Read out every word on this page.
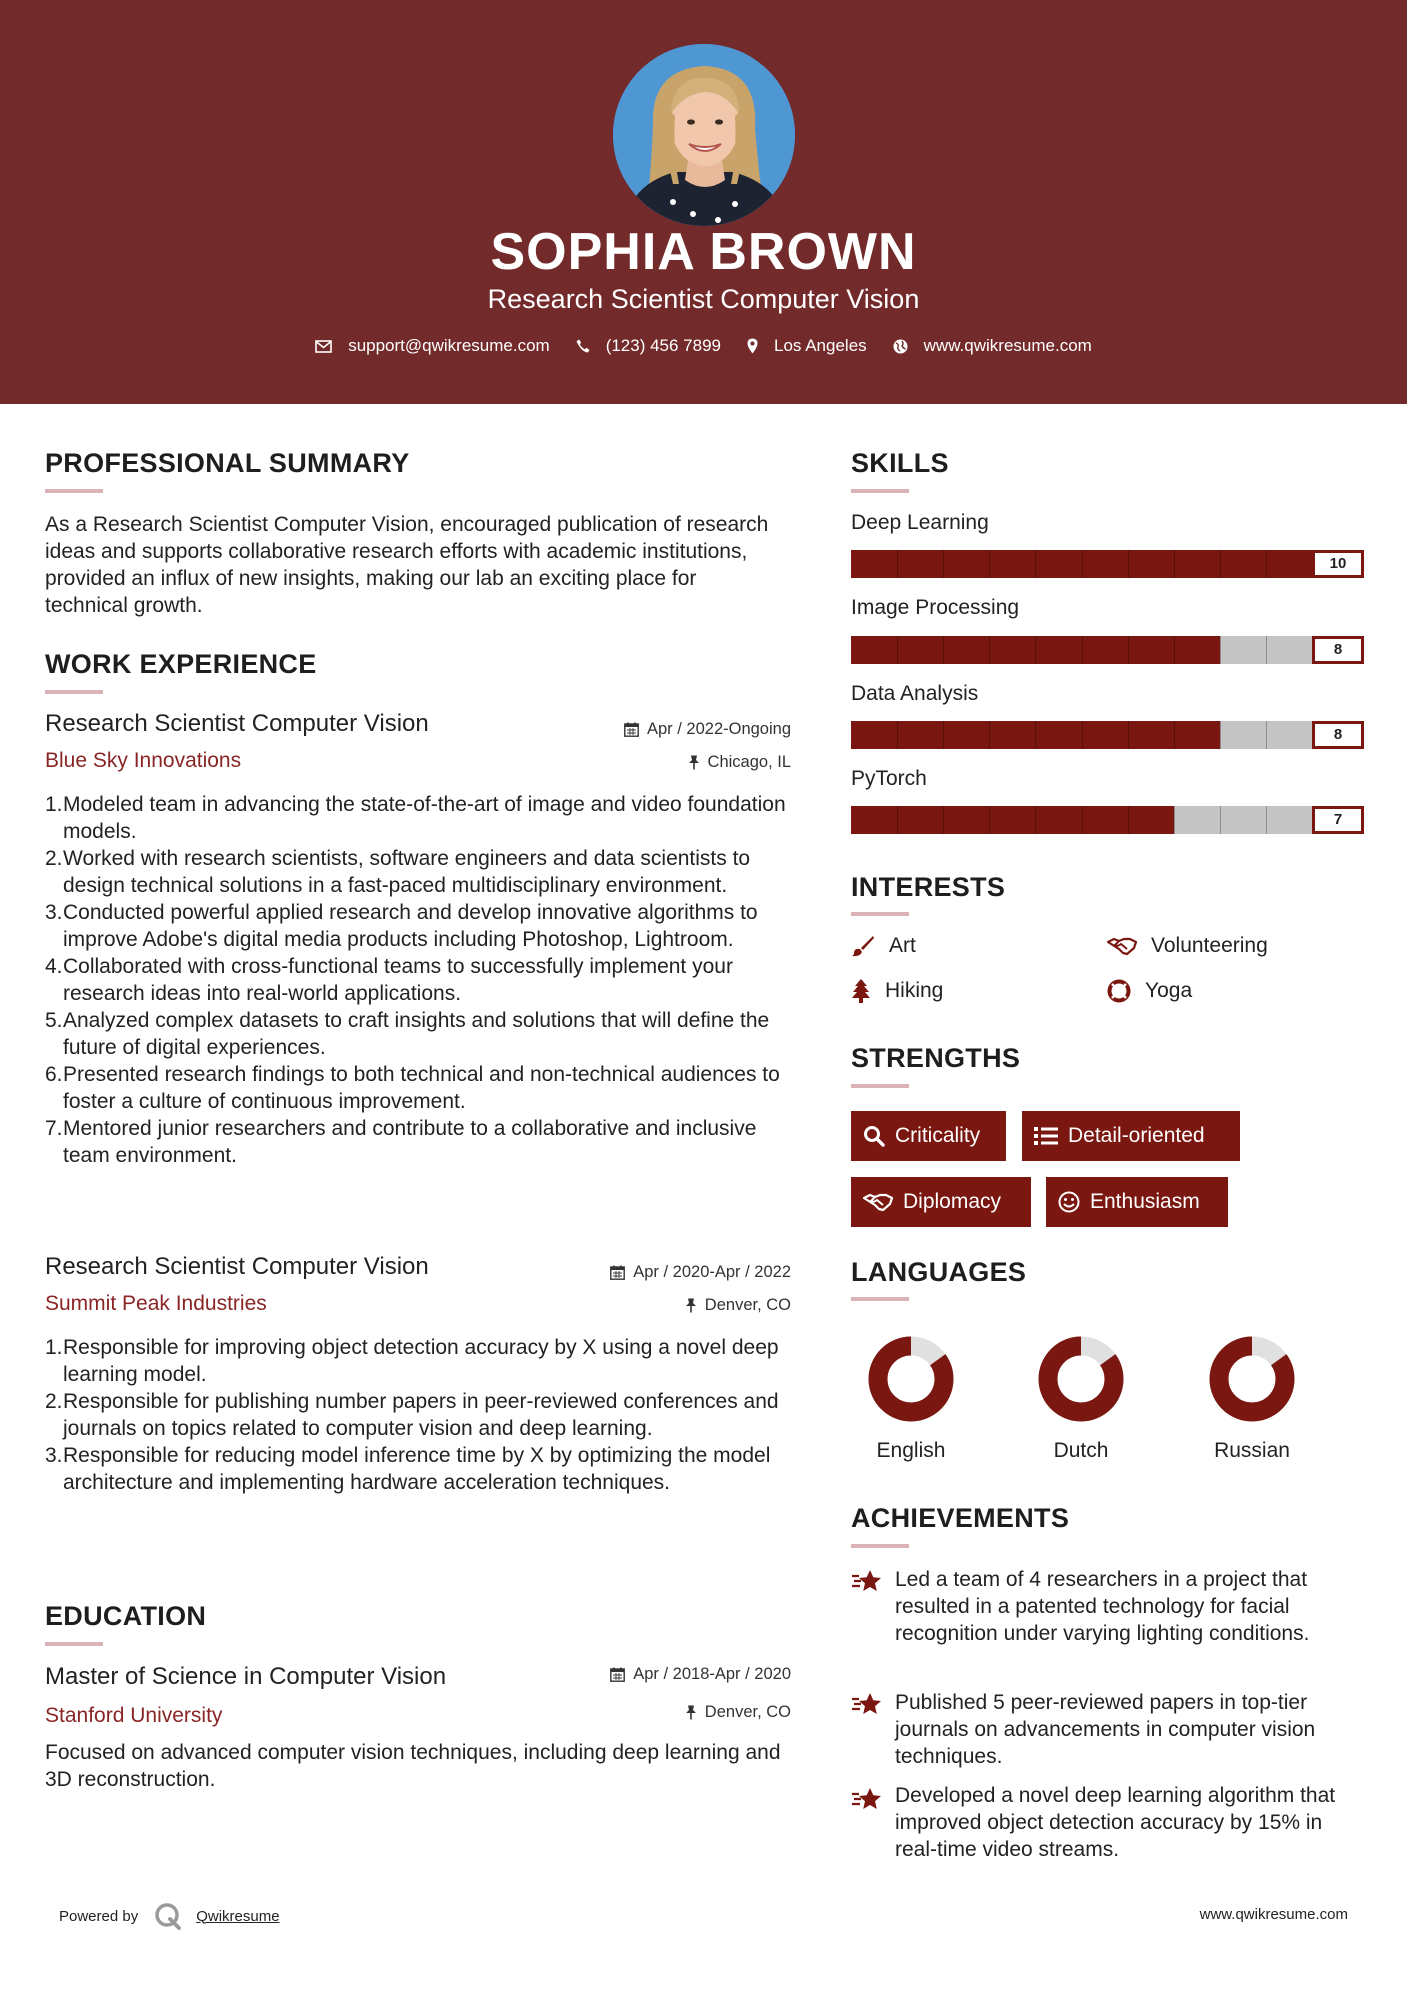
SOPHIA BROWN
Research Scientist Computer Vision
support@qwikresume.com	(123) 456 7899	Los Angeles	www.qwikresume.com
PROFESSIONAL SUMMARY
As a Research Scientist Computer Vision, encouraged publication of research ideas and supports collaborative research efforts with academic institutions, provided an influx of new insights, making our lab an exciting place for technical growth.
WORK EXPERIENCE
Research Scientist Computer Vision	Apr / 2022-Ongoing
Blue Sky Innovations	Chicago, IL
1. Modeled team in advancing the state-of-the-art of image and video foundation models.
2. Worked with research scientists, software engineers and data scientists to design technical solutions in a fast-paced multidisciplinary environment.
3. Conducted powerful applied research and develop innovative algorithms to improve Adobe's digital media products including Photoshop, Lightroom.
4. Collaborated with cross-functional teams to successfully implement your research ideas into real-world applications.
5. Analyzed complex datasets to craft insights and solutions that will define the future of digital experiences.
6. Presented research findings to both technical and non-technical audiences to foster a culture of continuous improvement.
7. Mentored junior researchers and contribute to a collaborative and inclusive team environment.
Research Scientist Computer Vision	Apr / 2020-Apr / 2022
Summit Peak Industries	Denver, CO
1. Responsible for improving object detection accuracy by X using a novel deep learning model.
2. Responsible for publishing number papers in peer-reviewed conferences and journals on topics related to computer vision and deep learning.
3. Responsible for reducing model inference time by X by optimizing the model architecture and implementing hardware acceleration techniques.
EDUCATION
Master of Science in Computer Vision	Apr / 2018-Apr / 2020
Stanford University	Denver, CO
Focused on advanced computer vision techniques, including deep learning and 3D reconstruction.
SKILLS
Deep Learning
10
Image Processing
8
Data Analysis
8
PyTorch
7
INTERESTS
Art	Volunteering
Hiking	Yoga
STRENGTHS
Criticality	Detail-oriented
Diplomacy	Enthusiasm
LANGUAGES
English	Dutch	Russian
ACHIEVEMENTS
Led a team of 4 researchers in a project that resulted in a patented technology for facial recognition under varying lighting conditions.
Published 5 peer-reviewed papers in top-tier journals on advancements in computer vision techniques.
Developed a novel deep learning algorithm that improved object detection accuracy by 15% in real-time video streams.
Powered by	Qwikresume	www.qwikresume.com
